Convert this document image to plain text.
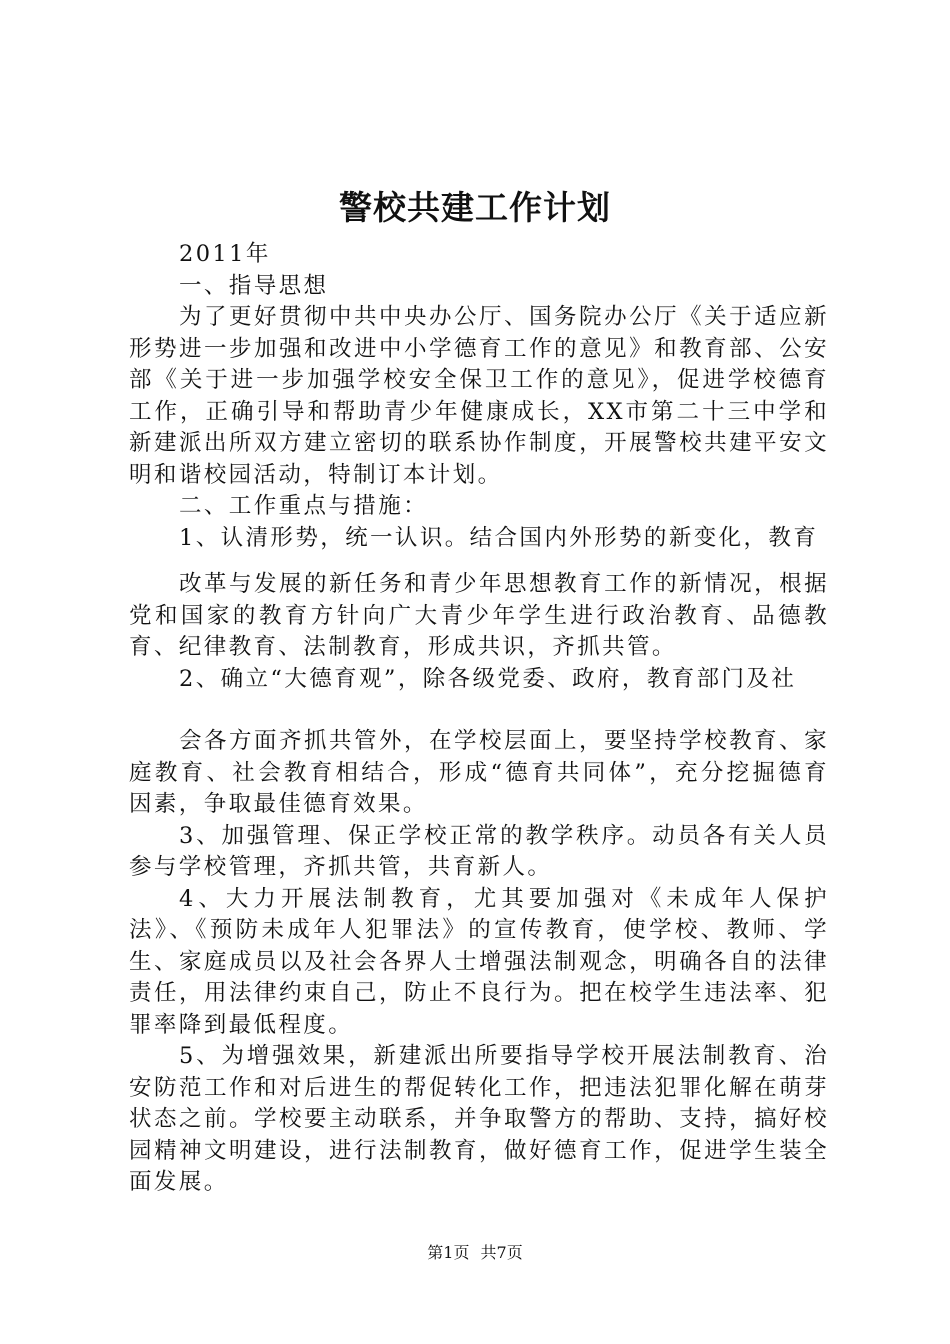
警校共建工作计划

2011年

一、指导思想

为了更好贯彻中共中央办公厅、国务院办公厅《关于适应新形势进一步加强和改进中小学德育工作的意见》和教育部、公安部《关于进一步加强学校安全保卫工作的意见》，促进学校德育工作，正确引导和帮助青少年健康成长，XX市第二十三中学和新建派出所双方建立密切的联系协作制度，开展警校共建平安文明和谐校园活动，特制订本计划。

二、工作重点与措施：

1、认清形势，统一认识。结合国内外形势的新变化，教育

改革与发展的新任务和青少年思想教育工作的新情况，根据党和国家的教育方针向广大青少年学生进行政治教育、品德教育、纪律教育、法制教育，形成共识，齐抓共管。

2、确立“大德育观”，除各级党委、政府，教育部门及社

会各方面齐抓共管外，在学校层面上，要坚持学校教育、家庭教育、社会教育相结合，形成“德育共同体”，充分挖掘德育因素，争取最佳德育效果。

3、加强管理、保正学校正常的教学秩序。动员各有关人员参与学校管理，齐抓共管，共育新人。

4、大力开展法制教育，尤其要加强对《未成年人保护法》、《预防未成年人犯罪法》的宣传教育，使学校、教师、学生、家庭成员以及社会各界人士增强法制观念，明确各自的法律责任，用法律约束自己，防止不良行为。把在校学生违法率、犯罪率降到最低程度。

5、为增强效果，新建派出所要指导学校开展法制教育、治安防范工作和对后进生的帮促转化工作，把违法犯罪化解在萌芽状态之前。学校要主动联系，并争取警方的帮助、支持，搞好校园精神文明建设，进行法制教育，做好德育工作，促进学生装全面发展。

第1页 共7页
